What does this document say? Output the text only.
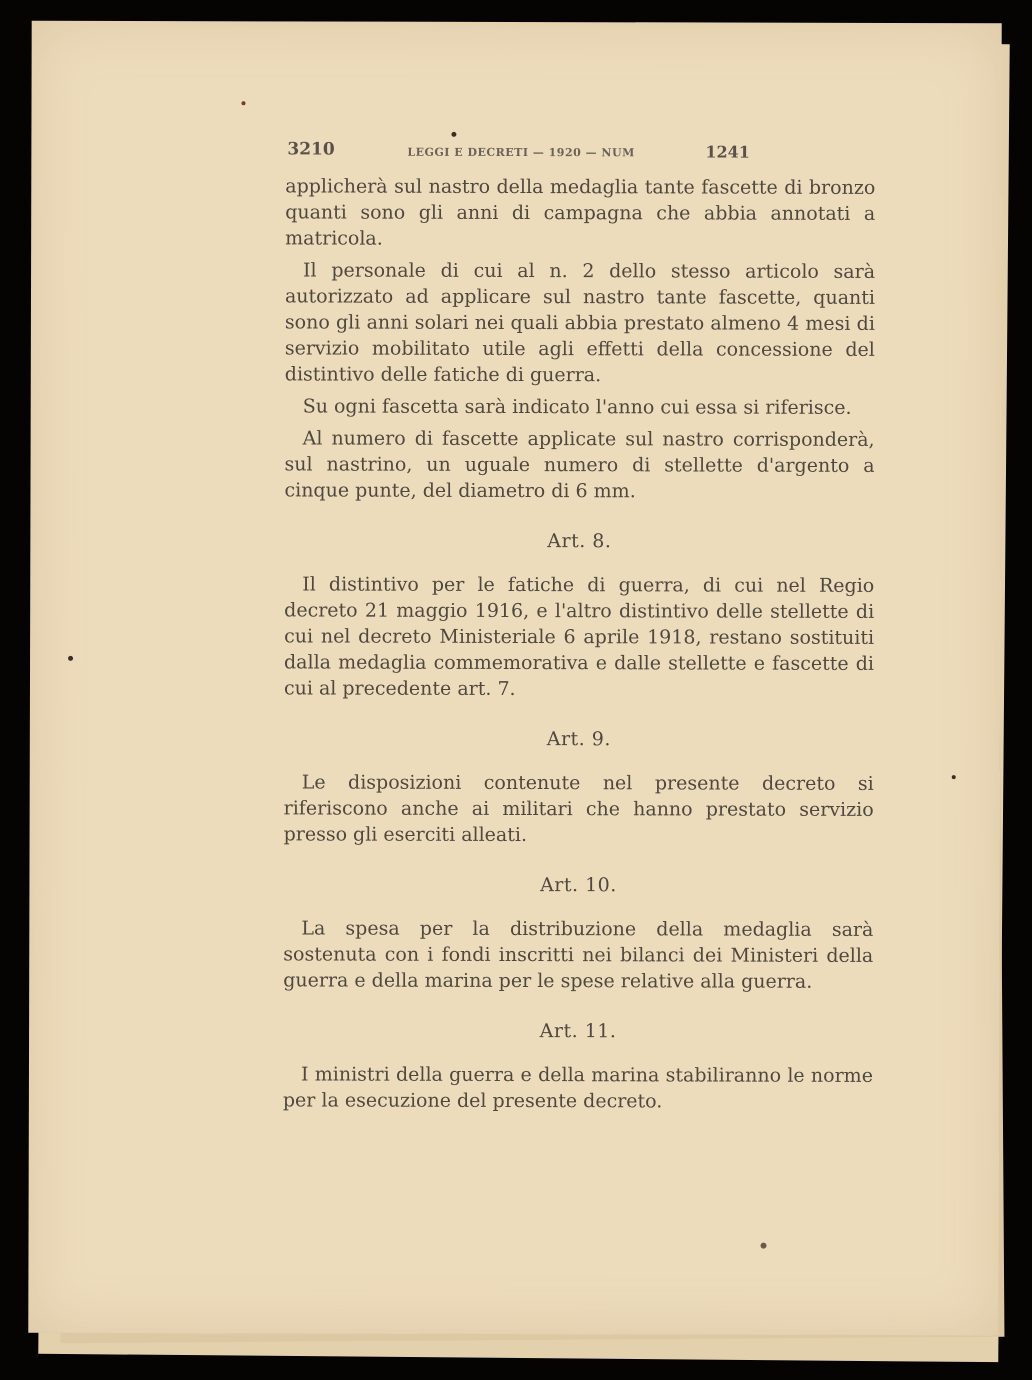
3210	LEGGI E DECRETI — 1920 — NUM	1241

applicherà sul nastro della medaglia tante fascette di bronzo quanti sono gli anni di campagna che abbia annotati a matricola.

Il personale di cui al n. 2 dello stesso articolo sarà autorizzato ad applicare sul nastro tante fascette, quanti sono gli anni solari nei quali abbia prestato almeno 4 mesi di servizio mobilitato utile agli effetti della concessione del distintivo delle fatiche di guerra.

Su ogni fascetta sarà indicato l'anno cui essa si riferisce.

Al numero di fascette applicate sul nastro corrisponderà, sul nastrino, un uguale numero di stellette d'argento a cinque punte, del diametro di 6 mm.

Art. 8.

Il distintivo per le fatiche di guerra, di cui nel Regio decreto 21 maggio 1916, e l'altro distintivo delle stellette di cui nel decreto Ministeriale 6 aprile 1918, restano sostituiti dalla medaglia commemorativa e dalle stellette e fascette di cui al precedente art. 7.

Art. 9.

Le disposizioni contenute nel presente decreto si riferiscono anche ai militari che hanno prestato servizio presso gli eserciti alleati.

Art. 10.

La spesa per la distribuzione della medaglia sarà sostenuta con i fondi inscritti nei bilanci dei Ministeri della guerra e della marina per le spese relative alla guerra.

Art. 11.

I ministri della guerra e della marina stabiliranno le norme per la esecuzione del presente decreto.
